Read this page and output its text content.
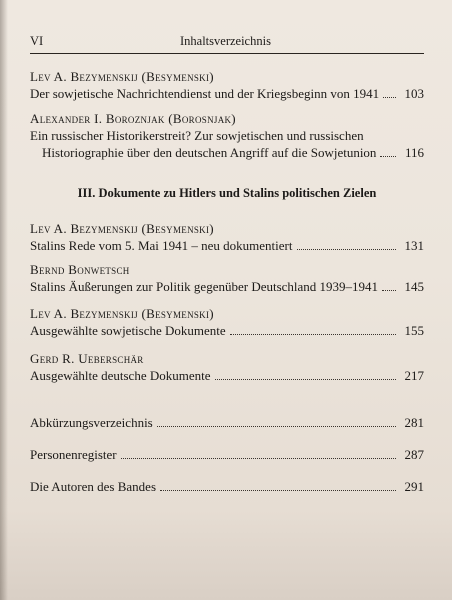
VI	Inhaltsverzeichnis
Lev A. Bezymenskij (Besymenski)
Der sowjetische Nachrichtendienst und der Kriegsbeginn von 1941	103
Alexander I. Boroznjak (Borosnjak)
Ein russischer Historikerstreit? Zur sowjetischen und russischen
Historiographie über den deutschen Angriff auf die Sowjetunion	116
III. Dokumente zu Hitlers und Stalins politischen Zielen
Lev A. Bezymenskij (Besymenski)
Stalins Rede vom 5. Mai 1941 – neu dokumentiert	131
Bernd Bonwetsch
Stalins Äußerungen zur Politik gegenüber Deutschland 1939–1941	145
Lev A. Bezymenskij (Besymenski)
Ausgewählte sowjetische Dokumente	155
Gerd R. Ueberschär
Ausgewählte deutsche Dokumente	217
Abkürzungsverzeichnis	281
Personenregister	287
Die Autoren des Bandes	291
